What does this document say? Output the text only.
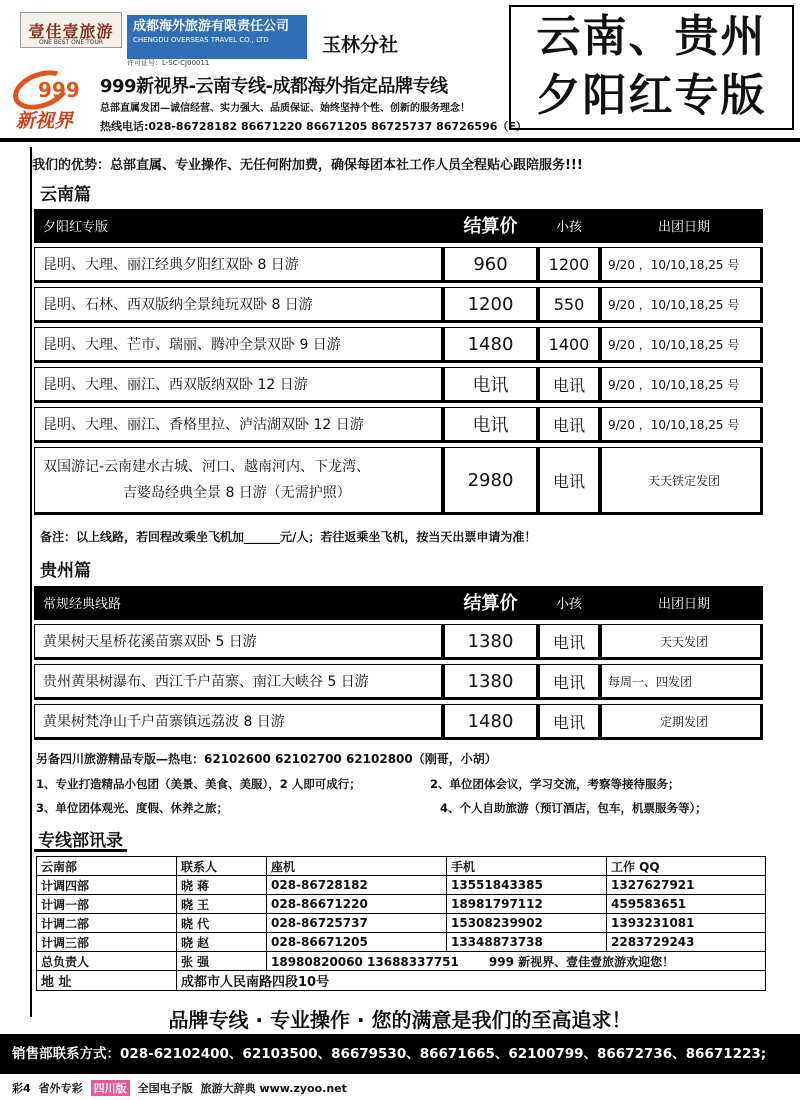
壹佳壹旅游
ONE BEST ONE TOUR
成都海外旅游有限责任公司
CHENGDU OVERSEAS TRAVEL CO., LTD
许可证号：L-SC-CJ00011
玉林分社
999
新视界
999新视界-云南专线-成都海外指定品牌专线
总部直属发团—诚信经营、实力强大、品质保证、始终坚持个性、创新的服务理念！
热线电话:028-86728182 86671220 86671205 86725737 86726596（F）
云南、贵州
夕阳红专版
我们的优势：总部直属、专业操作、无任何附加费，确保每团本社工作人员全程贴心跟陪服务!!!
云南篇
夕阳红专版	结算价	小孩	出团日期
昆明、大理、丽江经典夕阳红双卧 8 日游	960	1200	9/20 ，10/10,18,25 号
昆明、石林、西双版纳全景纯玩双卧 8 日游	1200	550	9/20 ，10/10,18,25 号
昆明、大理、芒市、瑞丽、腾冲全景双卧 9 日游	1480	1400	9/20 ，10/10,18,25 号
昆明、大理、丽江、西双版纳双卧 12 日游	电讯	电讯	9/20 ，10/10,18,25 号
昆明、大理、丽江、香格里拉、泸沽湖双卧 12 日游	电讯	电讯	9/20 ，10/10,18,25 号

双国游记-云南建水古城、河口、越南河内、下龙湾、
吉婆岛经典全景 8 日游（无需护照）	2980	电讯	天天铁定发团
备注：以上线路，若回程改乘坐飞机加______元/人；若往返乘坐飞机，按当天出票申请为准！
贵州篇
常规经典线路	结算价	小孩	出团日期
黄果树天星桥花溪苗寨双卧 5 日游	1380	电讯	天天发团
贵州黄果树瀑布、西江千户苗寨、南江大峡谷 5 日游	1380	电讯	每周一、四发团
黄果树梵净山千户苗寨镇远荔波 8 日游	1480	电讯	定期发团
另备四川旅游精品专版—热电：62102600 62102700 62102800（刚哥，小胡）
1、专业打造精品小包团（美景、美食、美服），2 人即可成行；	2、单位团体会议，学习交流，考察等接待服务；
3、单位团体观光、度假、休养之旅；	4、个人自助旅游（预订酒店，包车，机票服务等）；
专线部讯录
云南部	联系人	座机	手机	工作 QQ
计调四部	晓 蒋	028-86728182	13551843385	1327627921
计调一部	晓 王	028-86671220	18981797112	459583651
计调二部	晓 代	028-86725737	15308239902	1393231081
计调三部	晓 赵	028-86671205	13348873738	2283729243
总负责人	张 强	18980820060 13688337751 999 新视界、壹佳壹旅游欢迎您！		
地 址	成都市人民南路四段10号			
品牌专线 · 专业操作 · 您的满意是我们的至高追求！
销售部联系方式：028-62102400、62103500、86679530、86671665、62100799、86672736、86671223;
彩4 省外专彩 四川版 全国电子版 旅游大辞典 www.zyoo.net
